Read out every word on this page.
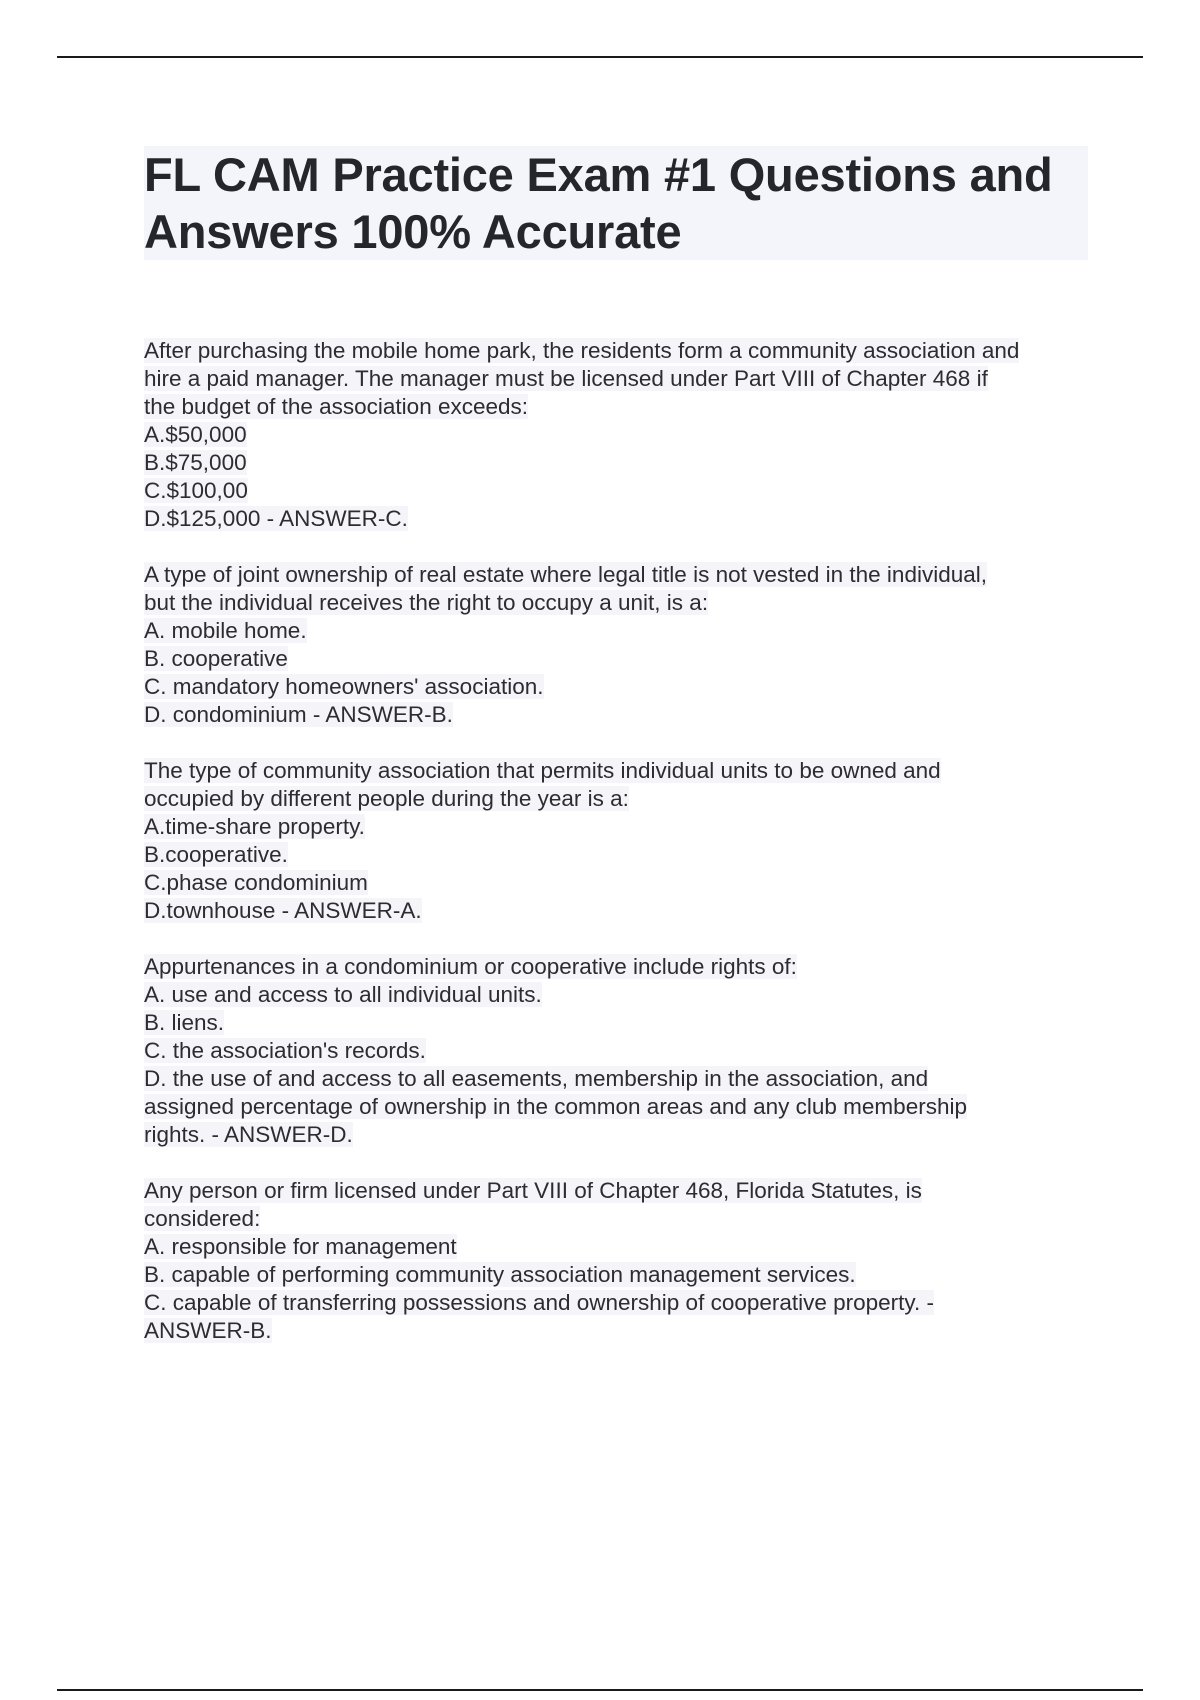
FL CAM Practice Exam #1 Questions and
Answers 100% Accurate
After purchasing the mobile home park, the residents form a community association and
hire a paid manager. The manager must be licensed under Part VIII of Chapter 468 if
the budget of the association exceeds:
A.$50,000
B.$75,000
C.$100,00
D.$125,000 - ANSWER-C.
A type of joint ownership of real estate where legal title is not vested in the individual,
but the individual receives the right to occupy a unit, is a:
A. mobile home.
B. cooperative
C. mandatory homeowners' association.
D. condominium - ANSWER-B.
The type of community association that permits individual units to be owned and
occupied by different people during the year is a:
A.time-share property.
B.cooperative.
C.phase condominium
D.townhouse - ANSWER-A.
Appurtenances in a condominium or cooperative include rights of:
A. use and access to all individual units.
B. liens.
C. the association's records.
D. the use of and access to all easements, membership in the association, and
assigned percentage of ownership in the common areas and any club membership
rights. - ANSWER-D.
Any person or firm licensed under Part VIII of Chapter 468, Florida Statutes, is
considered:
A. responsible for management
B. capable of performing community association management services.
C. capable of transferring possessions and ownership of cooperative property. -
ANSWER-B.
